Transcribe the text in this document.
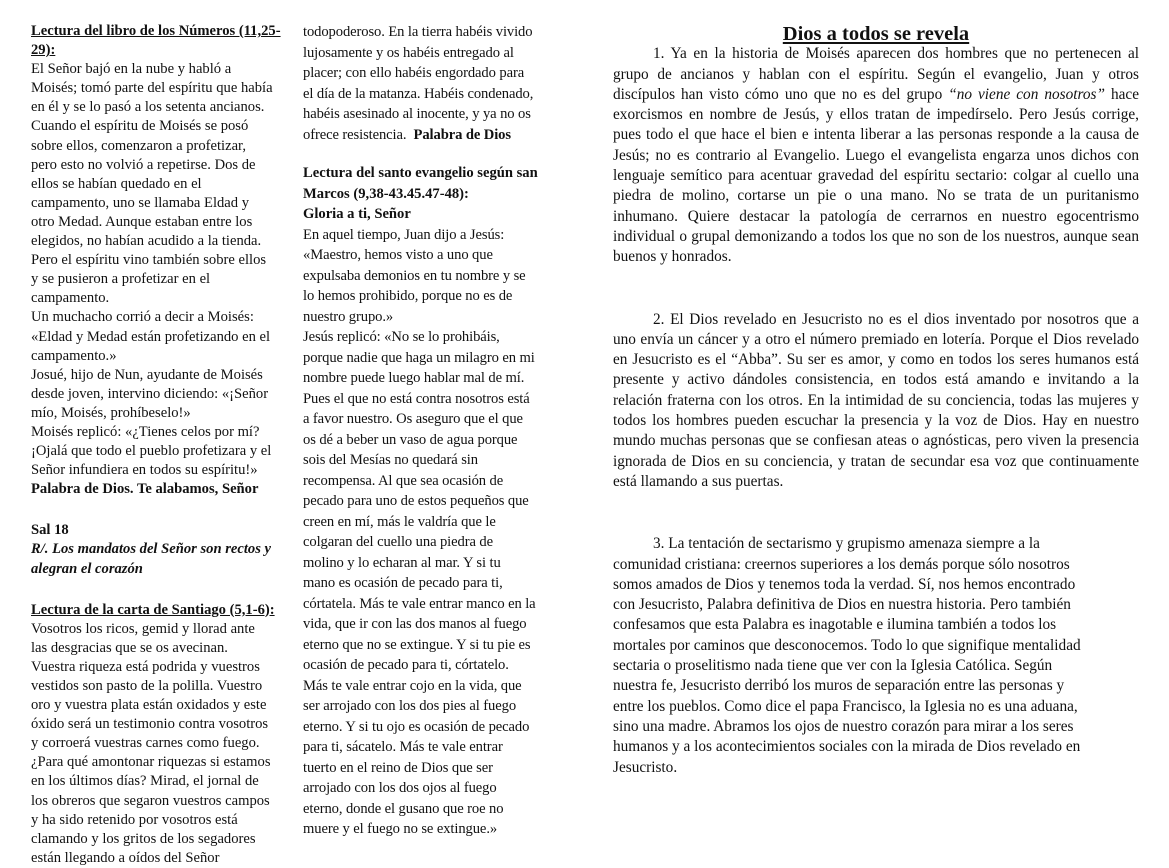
Lectura del libro de los Números (11,25-29):

El Señor bajó en la nube y habló a
Moisés; tomó parte del espíritu que había
en él y se lo pasó a los setenta ancianos.
Cuando el espíritu de Moisés se posó
sobre ellos, comenzaron a profetizar,
pero esto no volvió a repetirse. Dos de
ellos se habían quedado en el
campamento, uno se llamaba Eldad y
otro Medad. Aunque estaban entre los
elegidos, no habían acudido a la tienda.
Pero el espíritu vino también sobre ellos
y se pusieron a profetizar en el
campamento.
Un muchacho corrió a decir a Moisés:
«Eldad y Medad están profetizando en el
campamento.»
Josué, hijo de Nun, ayudante de Moisés
desde joven, intervino diciendo: «¡Señor
mío, Moisés, prohíbeselo!»
Moisés replicó: «¿Tienes celos por mí?
¡Ojalá que todo el pueblo profetizara y el
Señor infundiera en todos su espíritu!»

Palabra de Dios. Te alabamos, Señor

Sal 18

R/. Los mandatos del Señor son rectos y alegran el corazón

Lectura de la carta de Santiago (5,1-6):

Vosotros los ricos, gemid y llorad ante
las desgracias que se os avecinan.
Vuestra riqueza está podrida y vuestros
vestidos son pasto de la polilla. Vuestro
oro y vuestra plata están oxidados y este
óxido será un testimonio contra vosotros
y corroerá vuestras carnes como fuego.
¿Para qué amontonar riquezas si estamos
en los últimos días? Mirad, el jornal de
los obreros que segaron vuestros campos
y ha sido retenido por vosotros está
clamando y los gritos de los segadores
están llegando a oídos del Señor
todopoderoso. En la tierra habéis vivido
lujosamente y os habéis entregado al
placer; con ello habéis engordado para
el día de la matanza. Habéis condenado,
habéis asesinado al inocente, y ya no os

ofrece resistencia. Palabra de Dios

Lectura del santo evangelio según san
Marcos (9,38-43.45.47-48):
Gloria a ti, Señor
En aquel tiempo, Juan dijo a Jesús:
«Maestro, hemos visto a uno que
expulsaba demonios en tu nombre y se
lo hemos prohibido, porque no es de
nuestro grupo.»
Jesús replicó: «No se lo prohibáis,
porque nadie que haga un milagro en mi
nombre puede luego hablar mal de mí.
Pues el que no está contra nosotros está
a favor nuestro. Os aseguro que el que
os dé a beber un vaso de agua porque
sois del Mesías no quedará sin
recompensa. Al que sea ocasión de
pecado para uno de estos pequeños que
creen en mí, más le valdría que le
colgaran del cuello una piedra de
molino y lo echaran al mar. Y si tu
mano es ocasión de pecado para ti,
córtatela. Más te vale entrar manco en la
vida, que ir con las dos manos al fuego
eterno que no se extingue. Y si tu pie es
ocasión de pecado para ti, córtatelo.
Más te vale entrar cojo en la vida, que
ser arrojado con los dos pies al fuego
eterno. Y si tu ojo es ocasión de pecado
para ti, sácatelo. Más te vale entrar
tuerto en el reino de Dios que ser
arrojado con los dos ojos al fuego
eterno, donde el gusano que roe no
muere y el fuego no se extingue.»

Dios a todos se revela

1. Ya en la historia de Moisés aparecen dos hombres que no pertenecen al grupo de ancianos y hablan con el espíritu. Según el evangelio, Juan y otros discípulos han visto cómo uno que no es del grupo “no viene con nosotros” hace exorcismos en nombre de Jesús, y ellos tratan de impedírselo. Pero Jesús corrige, pues todo el que hace el bien e intenta liberar a las personas responde a la causa de Jesús; no es contrario al Evangelio. Luego el evangelista engarza unos dichos con lenguaje semítico para acentuar gravedad del espíritu sectario: colgar al cuello una piedra de molino, cortarse un pie o una mano. No se trata de un puritanismo inhumano. Quiere destacar la patología de cerrarnos en nuestro egocentrismo individual o grupal demonizando a todos los que no son de los nuestros, aunque sean buenos y honrados.

2. El Dios revelado en Jesucristo no es el dios inventado por nosotros que a uno envía un cáncer y a otro el número premiado en lotería. Porque el Dios revelado en Jesucristo es el “Abba”. Su ser es amor, y como en todos los seres humanos está presente y activo dándoles consistencia, en todos está amando e invitando a la relación fraterna con los otros. En la intimidad de su conciencia, todas las mujeres y todos los hombres pueden escuchar la presencia y la voz de Dios. Hay en nuestro mundo muchas personas que se confiesan ateas o agnósticas, pero viven la presencia ignorada de Dios en su conciencia, y tratan de secundar esa voz que continuamente está llamando a sus puertas.

3. La tentación de sectarismo y grupismo amenaza siempre a la
comunidad cristiana: creernos superiores a los demás porque sólo nosotros
somos amados de Dios y tenemos toda la verdad. Sí, nos hemos encontrado
con Jesucristo, Palabra definitiva de Dios en nuestra historia. Pero también
confesamos que esta Palabra es inagotable e ilumina también a todos los
mortales por caminos que desconocemos. Todo lo que signifique mentalidad
sectaria o proselitismo nada tiene que ver con la Iglesia Católica. Según
nuestra fe, Jesucristo derribó los muros de separación entre las personas y
entre los pueblos. Como dice el papa Francisco, la Iglesia no es una aduana,
sino una madre. Abramos los ojos de nuestro corazón para mirar a los seres
humanos y a los acontecimientos sociales con la mirada de Dios revelado en
Jesucristo.
